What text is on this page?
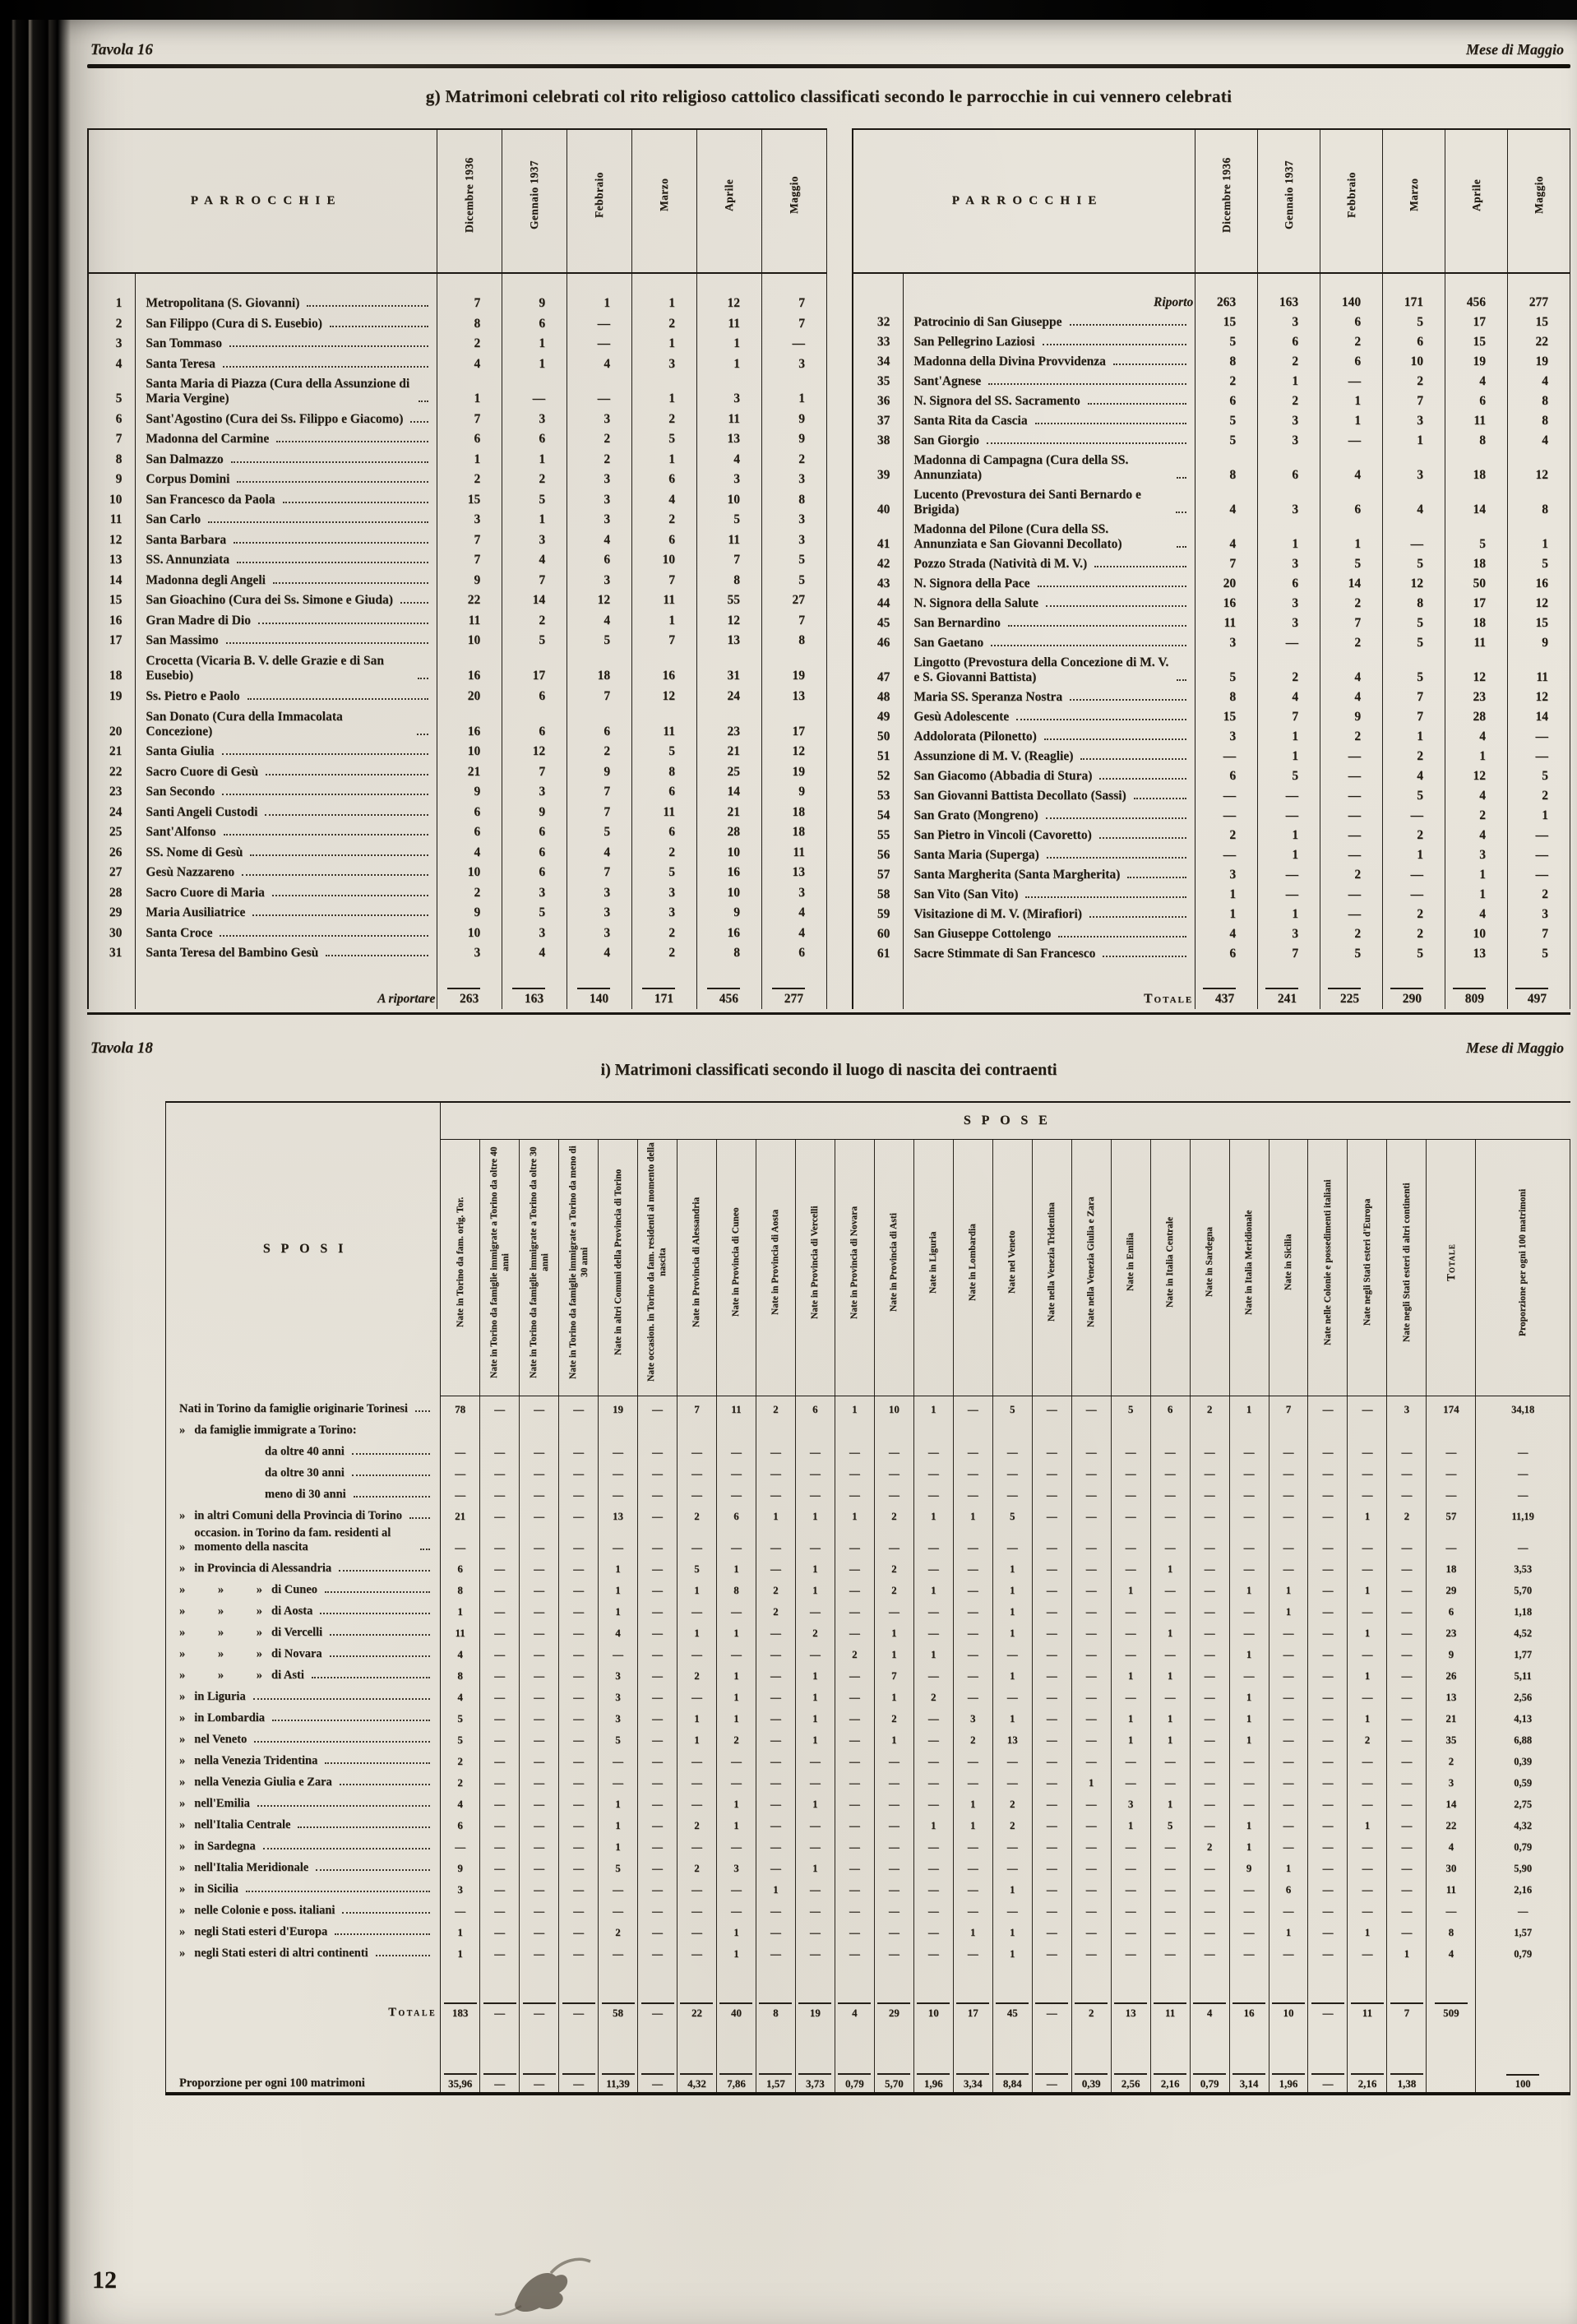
Tavola 16	Mese di Maggio
g) Matrimoni celebrati col rito religioso cattolico classificati secondo le parrocchie in cui vennero celebrati
PARROCCHIE		Dicembre 1936	Gennaio 1937	Febbraio	Marzo	Aprile	Maggio
1	Metropolitana (S. Giovanni)	7	9	1	1	12	7
2	San Filippo (Cura di S. Eusebio)	8	6	—	2	11	7
3	San Tommaso	2	1	—	1	1	—
4	Santa Teresa	4	1	4	3	1	3
5	Santa Maria di Piazza (Cura della Assunzione di Maria Vergine)	1	—	—	1	3	1
6	Sant'Agostino (Cura dei Ss. Filippo e Giacomo)	7	3	3	2	11	9
7	Madonna del Carmine	6	6	2	5	13	9
8	San Dalmazzo	1	1	2	1	4	2
9	Corpus Domini	2	2	3	6	3	3
10	San Francesco da Paola	15	5	3	4	10	8
11	San Carlo	3	1	3	2	5	3
12	Santa Barbara	7	3	4	6	11	3
13	SS. Annunziata	7	4	6	10	7	5
14	Madonna degli Angeli	9	7	3	7	8	5
15	San Gioachino (Cura dei Ss. Simone e Giuda)	22	14	12	11	55	27
16	Gran Madre di Dio	11	2	4	1	12	7
17	San Massimo	10	5	5	7	13	8
18	Crocetta (Vicaria B. V. delle Grazie e di San Eusebio)	16	17	18	16	31	19
19	Ss. Pietro e Paolo	20	6	7	12	24	13
20	San Donato (Cura della Immacolata Concezione)	16	6	6	11	23	17
21	Santa Giulia	10	12	2	5	21	12
22	Sacro Cuore di Gesù	21	7	9	8	25	19
23	San Secondo	9	3	7	6	14	9
24	Santi Angeli Custodi	6	9	7	11	21	18
25	Sant'Alfonso	6	6	5	6	28	18
26	SS. Nome di Gesù	4	6	4	2	10	11
27	Gesù Nazzareno	10	6	7	5	16	13
28	Sacro Cuore di Maria	2	3	3	3	10	3
29	Maria Ausiliatrice	9	5	3	3	9	4
30	Santa Croce	10	3	3	2	16	4
31	Santa Teresa del Bambino Gesù	3	4	4	2	8	6

	A riportare	263	163	140	171	456	277
PARROCCHIE		Dicembre 1936	Gennaio 1937	Febbraio	Marzo	Aprile	Maggio
	Riporto	263	163	140	171	456	277
32	Patrocinio di San Giuseppe	15	3	6	5	17	15
33	San Pellegrino Laziosi	5	6	2	6	15	22
34	Madonna della Divina Provvidenza	8	2	6	10	19	19
35	Sant'Agnese	2	1	—	2	4	4
36	N. Signora del SS. Sacramento	6	2	1	7	6	8
37	Santa Rita da Cascia	5	3	1	3	11	8
38	San Giorgio	5	3	—	1	8	4
39	Madonna di Campagna (Cura della SS. Annunziata)	8	6	4	3	18	12
40	Lucento (Prevostura dei Santi Bernardo e Brigida)	4	3	6	4	14	8
41	Madonna del Pilone (Cura della SS. Annunziata e San Giovanni Decollato)	4	1	1	—	5	1
42	Pozzo Strada (Natività di M. V.)	7	3	5	5	18	5
43	N. Signora della Pace	20	6	14	12	50	16
44	N. Signora della Salute	16	3	2	8	17	12
45	San Bernardino	11	3	7	5	18	15
46	San Gaetano	3	—	2	5	11	9
47	Lingotto (Prevostura della Concezione di M. V. e S. Giovanni Battista)	5	2	4	5	12	11
48	Maria SS. Speranza Nostra	8	4	4	7	23	12
49	Gesù Adolescente	15	7	9	7	28	14
50	Addolorata (Pilonetto)	3	1	2	1	4	—
51	Assunzione di M. V. (Reaglie)	—	1	—	2	1	—
52	San Giacomo (Abbadia di Stura)	6	5	—	4	12	5
53	San Giovanni Battista Decollato (Sassi)	—	—	—	5	4	2
54	San Grato (Mongreno)	—	—	—	—	2	1
55	San Pietro in Vincoli (Cavoretto)	2	1	—	2	4	—
56	Santa Maria (Superga)	—	1	—	1	3	—
57	Santa Margherita (Santa Margherita)	3	—	2	—	1	—
58	San Vito (San Vito)	1	—	—	—	1	2
59	Visitazione di M. V. (Mirafiori)	1	1	—	2	4	3
60	San Giuseppe Cottolengo	4	3	2	2	10	7
61	Sacre Stimmate di San Francesco	6	7	5	5	13	5

	Totale	437	241	225	290	809	497
Tavola 18	Mese di Maggio
i) Matrimoni classificati secondo il luogo di nascita dei contraenti
SPOSI	SPOSE																										

	Nate in Torino da fam. orig. Tor.	Nate in Torino da famiglie immigrate a Torino da oltre 40 anni	Nate in Torino da famiglie immigrate a Torino da oltre 30 anni	Nate in Torino da famiglie immigrate a Torino da meno di 30 anni	Nate in altri Comuni della Provincia di Torino	Nate occasion. in Torino da fam. residenti al momento della nascita	Nate in Provincia di Alessandria	Nate in Provincia di Cuneo	Nate in Provincia di Aosta	Nate in Provincia di Vercelli	Nate in Provincia di Novara	Nate in Provincia di Asti	Nate in Liguria	Nate in Lombardia	Nate nel Veneto	Nate nella Venezia Tridentina	Nate nella Venezia Giulia e Zara	Nate in Emilia	Nate in Italia Centrale	Nate in Sardegna	Nate in Italia Meridionale	Nate in Sicilia	Nate nelle Colonie e possedimenti italiani	Nate negli Stati esteri d'Europa	Nate negli Stati esteri di altri continenti	Totale	Proporzione per ogni 100 matrimoni

Nati in Torino da famiglie originarie Torinesi	78	—	—	—	19	—	7	11	2	6	1	10	1	—	5	—	—	5	6	2	1	7	—	—	3	174	34,18

» da famiglie immigrate a Torino:																											

da oltre 40 anni	—	—	—	—	—	—	—	—	—	—	—	—	—	—	—	—	—	—	—	—	—	—	—	—	—	—	—

da oltre 30 anni	—	—	—	—	—	—	—	—	—	—	—	—	—	—	—	—	—	—	—	—	—	—	—	—	—	—	—

meno di 30 anni	—	—	—	—	—	—	—	—	—	—	—	—	—	—	—	—	—	—	—	—	—	—	—	—	—	—	—

» in altri Comuni della Provincia di Torino	21	—	—	—	13	—	2	6	1	1	1	2	1	1	5	—	—	—	—	—	—	—	—	1	2	57	11,19

»
occasion. in Torino da fam. residenti al momento della nascita	—	—	—	—	—	—	—	—	—	—	—	—	—	—	—	—	—	—	—	—	—	—	—	—	—	—	—

» in Provincia di Alessandria	6	—	—	—	1	—	5	1	—	1	—	2	—	—	1	—	—	—	1	—	—	—	—	—	—	18	3,53

» » » di Cuneo	8	—	—	—	1	—	1	8	2	1	—	2	1	—	1	—	—	1	—	—	1	1	—	1	—	29	5,70

» » » di Aosta	1	—	—	—	1	—	—	—	2	—	—	—	—	—	1	—	—	—	—	—	—	1	—	—	—	6	1,18

» » » di Vercelli	11	—	—	—	4	—	1	1	—	2	—	1	—	—	1	—	—	—	1	—	—	—	—	1	—	23	4,52

» » » di Novara	4	—	—	—	—	—	—	—	—	—	2	1	1	—	—	—	—	—	—	—	1	—	—	—	—	9	1,77

» » » di Asti	8	—	—	—	3	—	2	1	—	1	—	7	—	—	1	—	—	1	1	—	—	—	—	1	—	26	5,11

» in Liguria	4	—	—	—	3	—	—	1	—	1	—	1	2	—	—	—	—	—	—	—	1	—	—	—	—	13	2,56

» in Lombardia	5	—	—	—	3	—	1	1	—	1	—	2	—	3	1	—	—	1	1	—	1	—	—	1	—	21	4,13

» nel Veneto	5	—	—	—	5	—	1	2	—	1	—	1	—	2	13	—	—	1	1	—	1	—	—	2	—	35	6,88

» nella Venezia Tridentina	2	—	—	—	—	—	—	—	—	—	—	—	—	—	—	—	—	—	—	—	—	—	—	—	—	2	0,39

» nella Venezia Giulia e Zara	2	—	—	—	—	—	—	—	—	—	—	—	—	—	—	—	1	—	—	—	—	—	—	—	—	3	0,59

» nell'Emilia	4	—	—	—	1	—	—	1	—	1	—	—	—	1	2	—	—	3	1	—	—	—	—	—	—	14	2,75

» nell'Italia Centrale	6	—	—	—	1	—	2	1	—	—	—	—	1	1	2	—	—	1	5	—	1	—	—	1	—	22	4,32

» in Sardegna	—	—	—	—	1	—	—	—	—	—	—	—	—	—	—	—	—	—	—	2	1	—	—	—	—	4	0,79

» nell'Italia Meridionale	9	—	—	—	5	—	2	3	—	1	—	—	—	—	—	—	—	—	—	—	9	1	—	—	—	30	5,90

» in Sicilia	3	—	—	—	—	—	—	—	1	—	—	—	—	—	1	—	—	—	—	—	—	6	—	—	—	11	2,16

» nelle Colonie e poss. italiani	—	—	—	—	—	—	—	—	—	—	—	—	—	—	—	—	—	—	—	—	—	—	—	—	—	—	—

» negli Stati esteri d'Europa	1	—	—	—	2	—	—	1	—	—	—	—	—	1	1	—	—	—	—	—	—	1	—	1	—	8	1,57

» negli Stati esteri di altri continenti	1	—	—	—	—	—	—	1	—	—	—	—	—	—	1	—	—	—	—	—	—	—	—	—	1	4	0,79

Totale	183	—	—	—	58	—	22	40	8	19	4	29	10	17	45	—	2	13	11	4	16	10	—	11	7	509	

Proporzione per ogni 100 matrimoni	35,96	—	—	—	11,39	—	4,32	7,86	1,57	3,73	0,79	5,70	1,96	3,34	8,84	—	0,39	2,56	2,16	0,79	3,14	1,96	—	2,16	1,38		100
12
